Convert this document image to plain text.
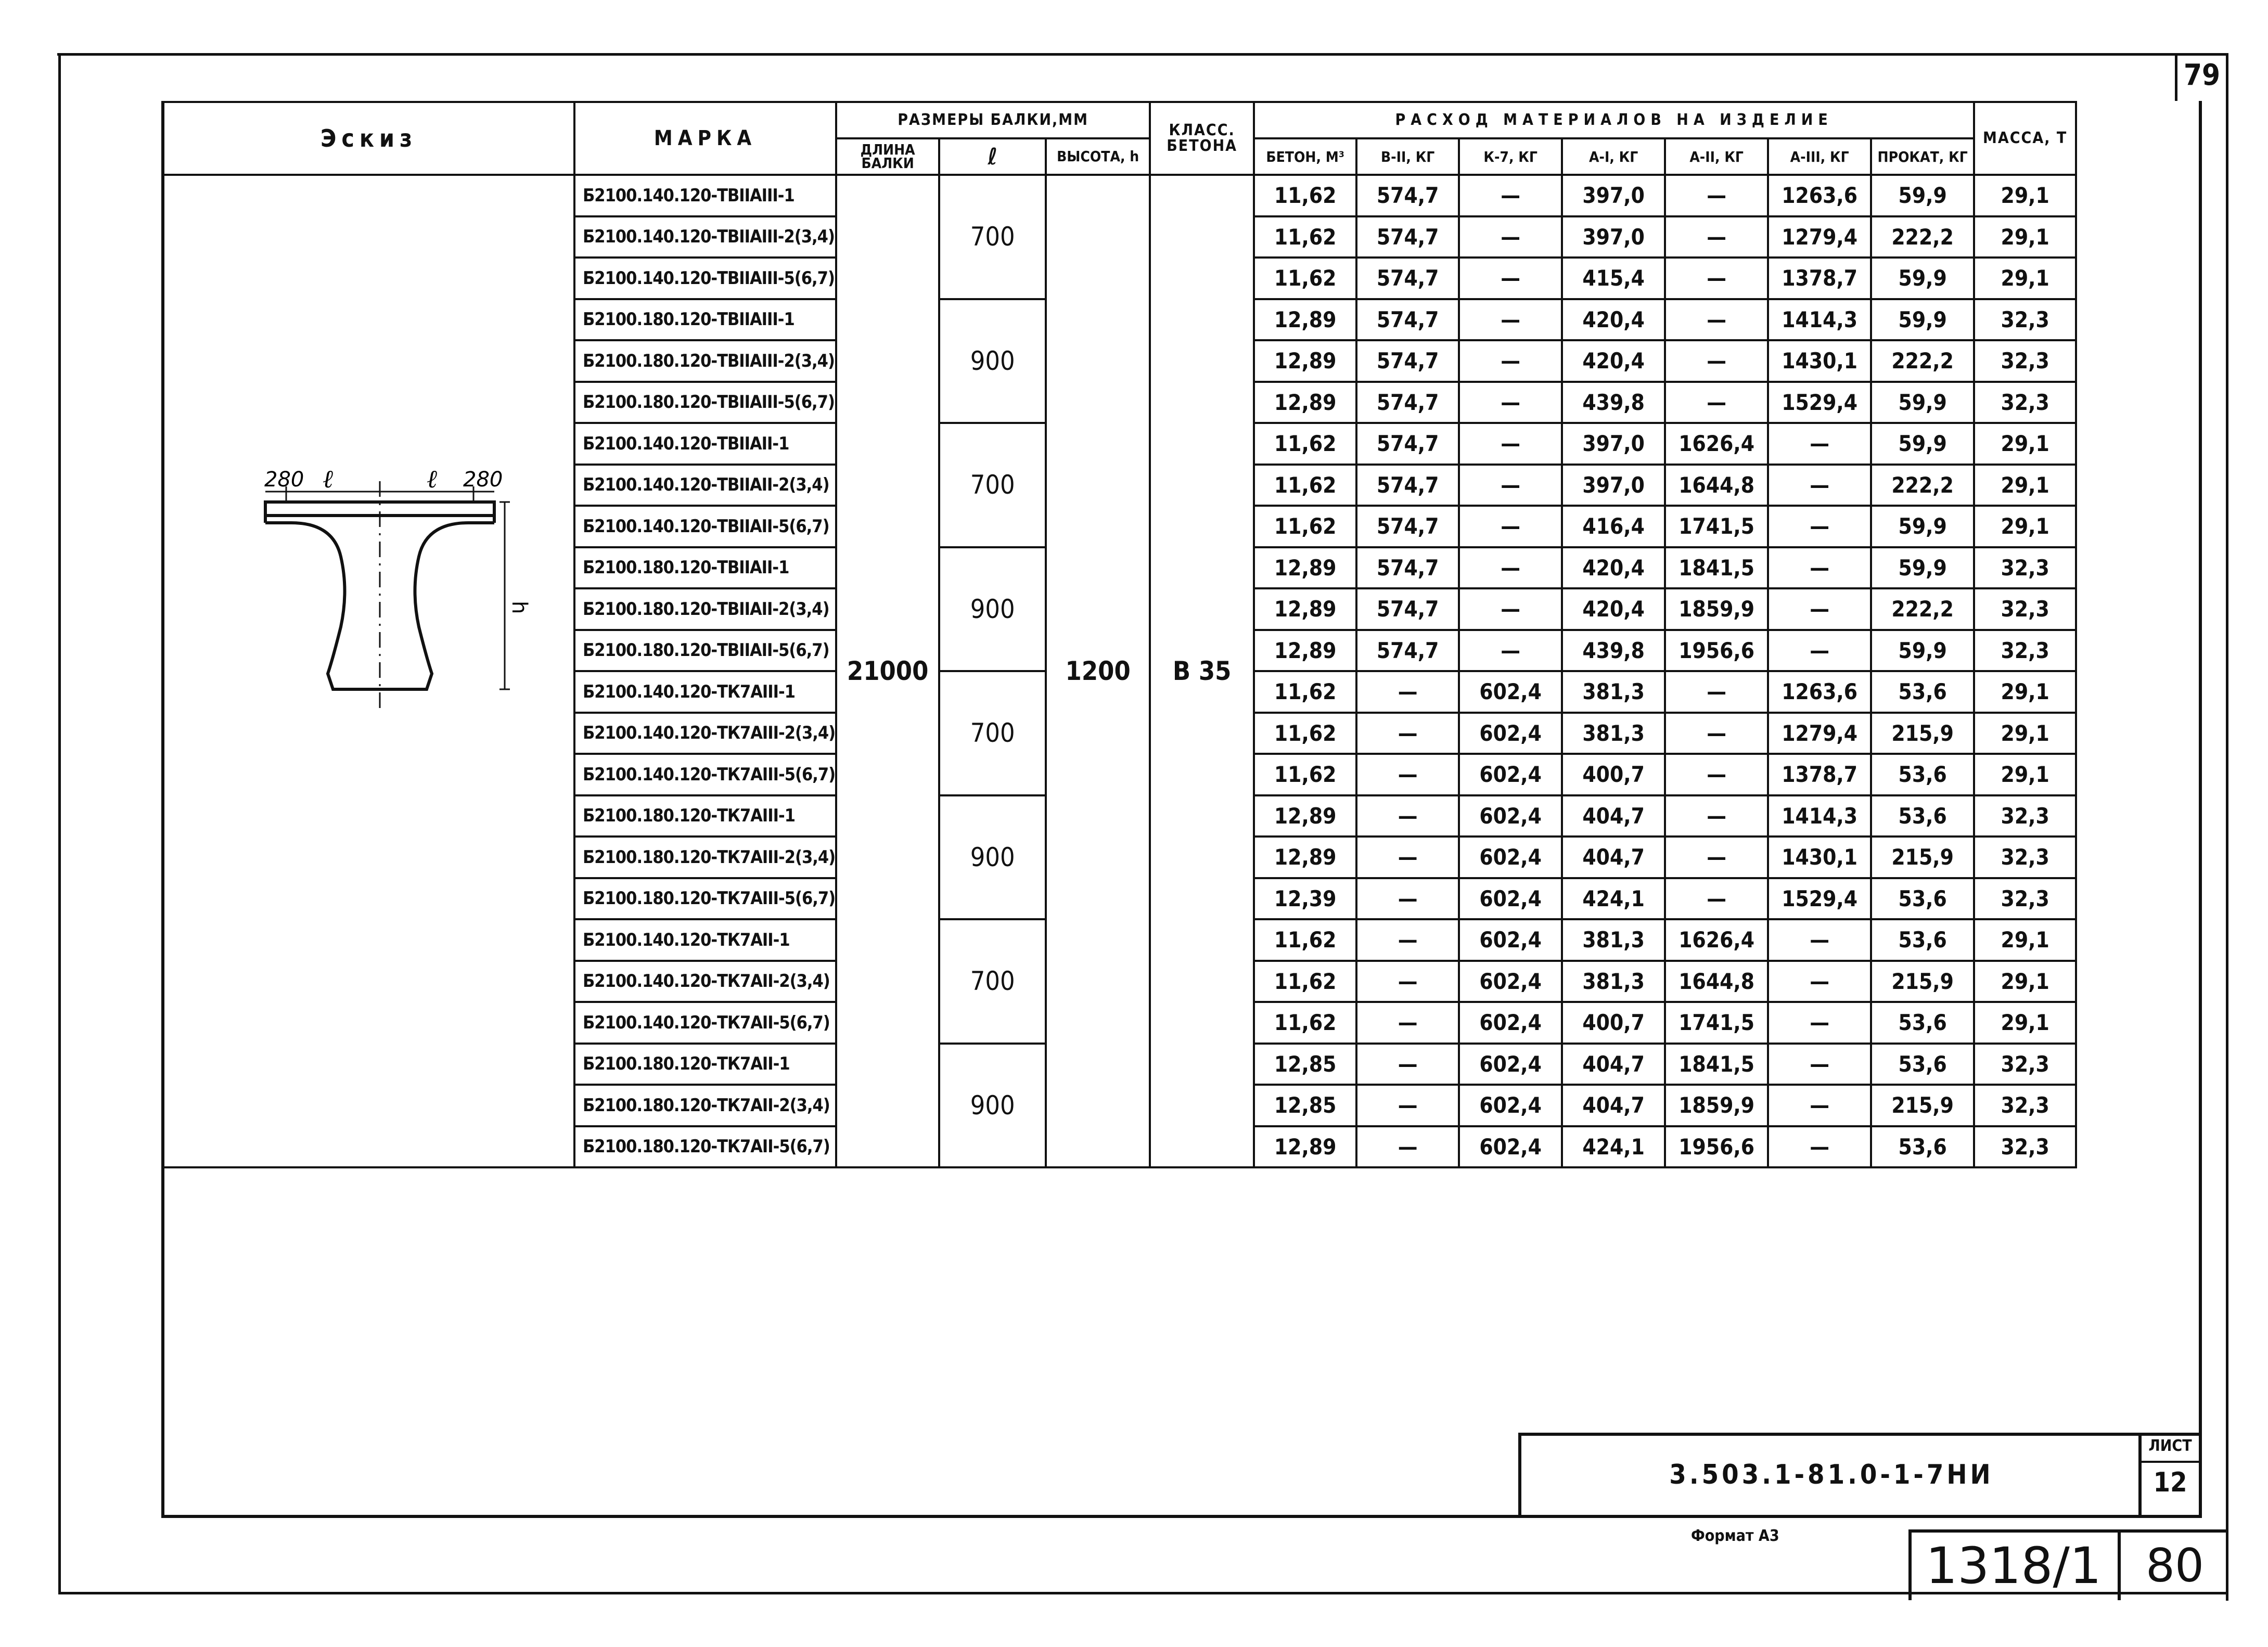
79
Эскиз	МАРКА	РАЗМЕРЫ БАЛКИ,ММ			КЛАСС. БЕТОНА	РАСХОД МАТЕРИАЛОВ НА ИЗДЕЛИЕ							МАССА, Т
		ДЛИНА БАЛКИ	ℓ	ВЫСОТА, h		БЕТОН, М³	В-II, КГ	К-7, КГ	А-I, КГ	А-II, КГ	А-III, КГ	ПРОКАТ, КГ	
	Б2100.140.120-ТВIIАIII-1	21000	700	1200	В 35	11,62	574,7	—	397,0	—	1263,6	59,9	29,1
	Б2100.140.120-ТВIIАIII-2(3,4)					11,62	574,7	—	397,0	—	1279,4	222,2	29,1
	Б2100.140.120-ТВIIАIII-5(6,7)					11,62	574,7	—	415,4	—	1378,7	59,9	29,1
	Б2100.180.120-ТВIIАIII-1		900			12,89	574,7	—	420,4	—	1414,3	59,9	32,3
	Б2100.180.120-ТВIIАIII-2(3,4)					12,89	574,7	—	420,4	—	1430,1	222,2	32,3
	Б2100.180.120-ТВIIАIII-5(6,7)					12,89	574,7	—	439,8	—	1529,4	59,9	32,3
	Б2100.140.120-ТВIIАII-1		700			11,62	574,7	—	397,0	1626,4	—	59,9	29,1
	Б2100.140.120-ТВIIАII-2(3,4)					11,62	574,7	—	397,0	1644,8	—	222,2	29,1
	Б2100.140.120-ТВIIАII-5(6,7)					11,62	574,7	—	416,4	1741,5	—	59,9	29,1
	Б2100.180.120-ТВIIАII-1		900			12,89	574,7	—	420,4	1841,5	—	59,9	32,3
	Б2100.180.120-ТВIIАII-2(3,4)					12,89	574,7	—	420,4	1859,9	—	222,2	32,3
	Б2100.180.120-ТВIIАII-5(6,7)					12,89	574,7	—	439,8	1956,6	—	59,9	32,3
	Б2100.140.120-ТК7АIII-1		700			11,62	—	602,4	381,3	—	1263,6	53,6	29,1
	Б2100.140.120-ТК7АIII-2(3,4)					11,62	—	602,4	381,3	—	1279,4	215,9	29,1
	Б2100.140.120-ТК7АIII-5(6,7)					11,62	—	602,4	400,7	—	1378,7	53,6	29,1
	Б2100.180.120-ТК7АIII-1		900			12,89	—	602,4	404,7	—	1414,3	53,6	32,3
	Б2100.180.120-ТК7АIII-2(3,4)					12,89	—	602,4	404,7	—	1430,1	215,9	32,3
	Б2100.180.120-ТК7АIII-5(6,7)					12,39	—	602,4	424,1	—	1529,4	53,6	32,3
	Б2100.140.120-ТК7АII-1		700			11,62	—	602,4	381,3	1626,4	—	53,6	29,1
	Б2100.140.120-ТК7АII-2(3,4)					11,62	—	602,4	381,3	1644,8	—	215,9	29,1
	Б2100.140.120-ТК7АII-5(6,7)					11,62	—	602,4	400,7	1741,5	—	53,6	29,1
	Б2100.180.120-ТК7АII-1		900			12,85	—	602,4	404,7	1841,5	—	53,6	32,3
	Б2100.180.120-ТК7АII-2(3,4)					12,85	—	602,4	404,7	1859,9	—	215,9	32,3
	Б2100.180.120-ТК7АII-5(6,7)					12,89	—	602,4	424,1	1956,6	—	53,6	32,3
280	280
ℓ	ℓ
h
3.503.1-81.0-1-7НИ
ЛИСТ
12
Формат А3
1318/1 80
